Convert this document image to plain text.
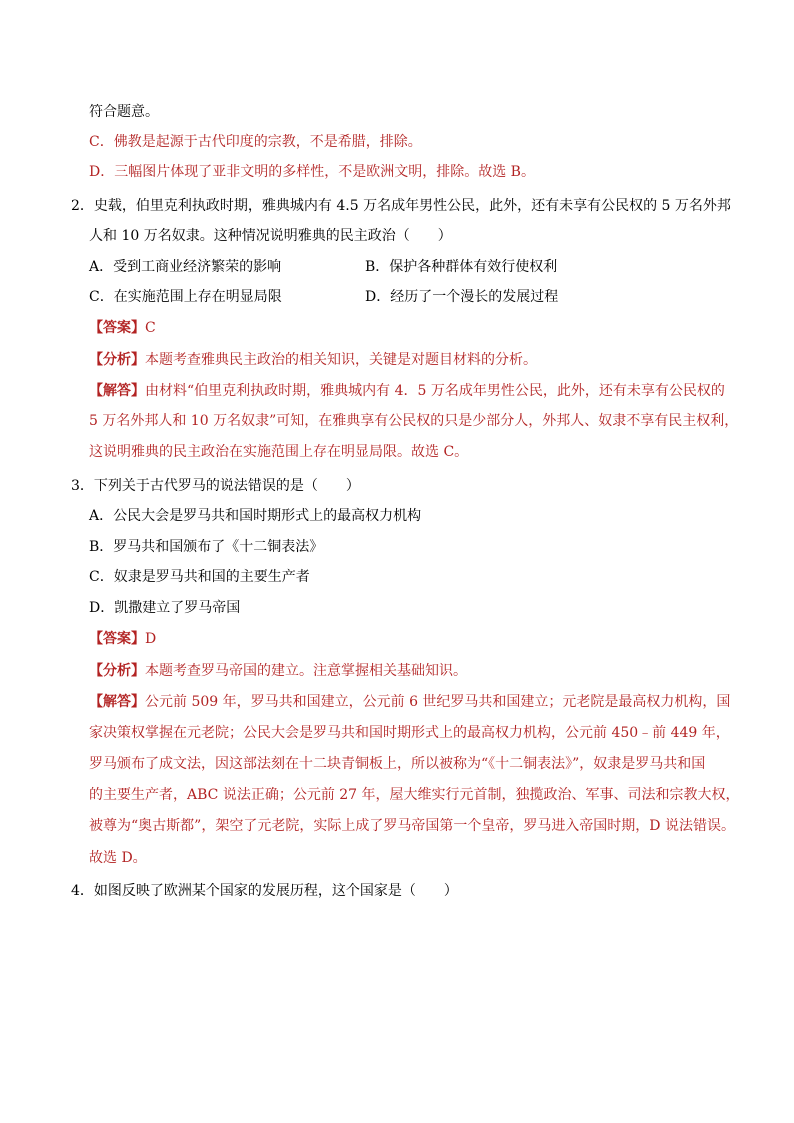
符合题意。
C．佛教是起源于古代印度的宗教，不是希腊，排除。
D．三幅图片体现了亚非文明的多样性，不是欧洲文明，排除。故选 B。
2．史载，伯里克利执政时期，雅典城内有 4.5 万名成年男性公民，此外，还有未享有公民权的 5 万名外邦
人和 10 万名奴隶。这种情况说明雅典的民主政治（　　）
A．受到工商业经济繁荣的影响	B．保护各种群体有效行使权利
C．在实施范围上存在明显局限	D．经历了一个漫长的发展过程
【答案】C
【分析】本题考查雅典民主政治的相关知识，关键是对题目材料的分析。
【解答】由材料“伯里克利执政时期，雅典城内有 4．5 万名成年男性公民，此外，还有未享有公民权的
5 万名外邦人和 10 万名奴隶”可知，在雅典享有公民权的只是少部分人，外邦人、奴隶不享有民主权利，
这说明雅典的民主政治在实施范围上存在明显局限。故选 C。
3．下列关于古代罗马的说法错误的是（　　）
A．公民大会是罗马共和国时期形式上的最高权力机构
B．罗马共和国颁布了《十二铜表法》
C．奴隶是罗马共和国的主要生产者
D．凯撒建立了罗马帝国
【答案】D
【分析】本题考查罗马帝国的建立。注意掌握相关基础知识。
【解答】公元前 509 年，罗马共和国建立，公元前 6 世纪罗马共和国建立；元老院是最高权力机构，国
家决策权掌握在元老院；公民大会是罗马共和国时期形式上的最高权力机构，公元前 450﹣前 449 年，
罗马颁布了成文法，因这部法刻在十二块青铜板上，所以被称为“《十二铜表法》”，奴隶是罗马共和国
的主要生产者，ABC 说法正确；公元前 27 年，屋大维实行元首制，独揽政治、军事、司法和宗教大权，
被尊为“奥古斯都”，架空了元老院，实际上成了罗马帝国第一个皇帝，罗马进入帝国时期，D 说法错误。
故选 D。
4．如图反映了欧洲某个国家的发展历程，这个国家是（　　）
